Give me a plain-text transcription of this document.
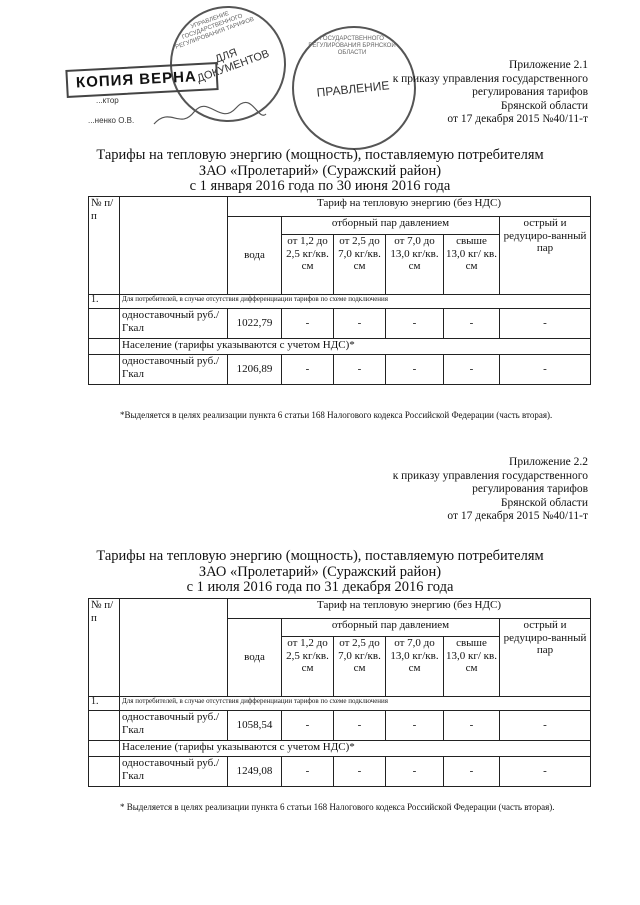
УПРАВЛЕНИЕ ГОСУДАРСТВЕННОГО РЕГУЛИРОВАНИЯ ТАРИФОВ
ДЛЯ ДОКУМЕНТОВ
ГОСУДАРСТВЕННОГО РЕГУЛИРОВАНИЯ БРЯНСКОЙ ОБЛАСТИ
ПРАВЛЕНИЕ
КОПИЯ ВЕРНА
...ктор
...ненко О.В.
Приложение 2.1
к приказу управления государственного
регулирования тарифов
Брянской области
от 17 декабря 2015 №40/11-т
Тарифы на тепловую энергию (мощность), поставляемую потребителям
ЗАО «Пролетарий» (Суражский район)
с 1 января 2016 года по 30 июня 2016 года
№ п/п		Тариф на тепловую энергию (без НДС)					
		вода	отборный пар давлением				острый и редуциро-ванный пар
			от 1,2 до 2,5 кг/кв. см	от 2,5 до 7,0 кг/кв. см	от 7,0 до 13,0 кг/кв. см	свыше 13,0 кг/ кв. см	
1.	Для потребителей, в случае отсутствия дифференциации тарифов по схеме подключения						
	одноставочный руб./Гкал	1022,79	-	-	-	-	-
	Население (тарифы указываются с учетом НДС)*						
	одноставочный руб./Гкал	1206,89	-	-	-	-	-
*Выделяется в целях реализации пункта 6 статьи 168 Налогового кодекса Российской Федерации (часть вторая).
Приложение 2.2
к приказу управления государственного
регулирования тарифов
Брянской области
от 17 декабря 2015 №40/11-т
Тарифы на тепловую энергию (мощность), поставляемую потребителям
ЗАО «Пролетарий» (Суражский район)
с 1 июля 2016 года по 31 декабря 2016 года
№ п/п		Тариф на тепловую энергию (без НДС)					
		вода	отборный пар давлением				острый и редуциро-ванный пар
			от 1,2 до 2,5 кг/кв. см	от 2,5 до 7,0 кг/кв. см	от 7,0 до 13,0 кг/кв. см	свыше 13,0 кг/ кв. см	
1.	Для потребителей, в случае отсутствия дифференциации тарифов по схеме подключения						
	одноставочный руб./Гкал	1058,54	-	-	-	-	-
	Население (тарифы указываются с учетом НДС)*						
	одноставочный руб./Гкал	1249,08	-	-	-	-	-
* Выделяется в целях реализации пункта 6 статьи 168 Налогового кодекса Российской Федерации (часть вторая).
